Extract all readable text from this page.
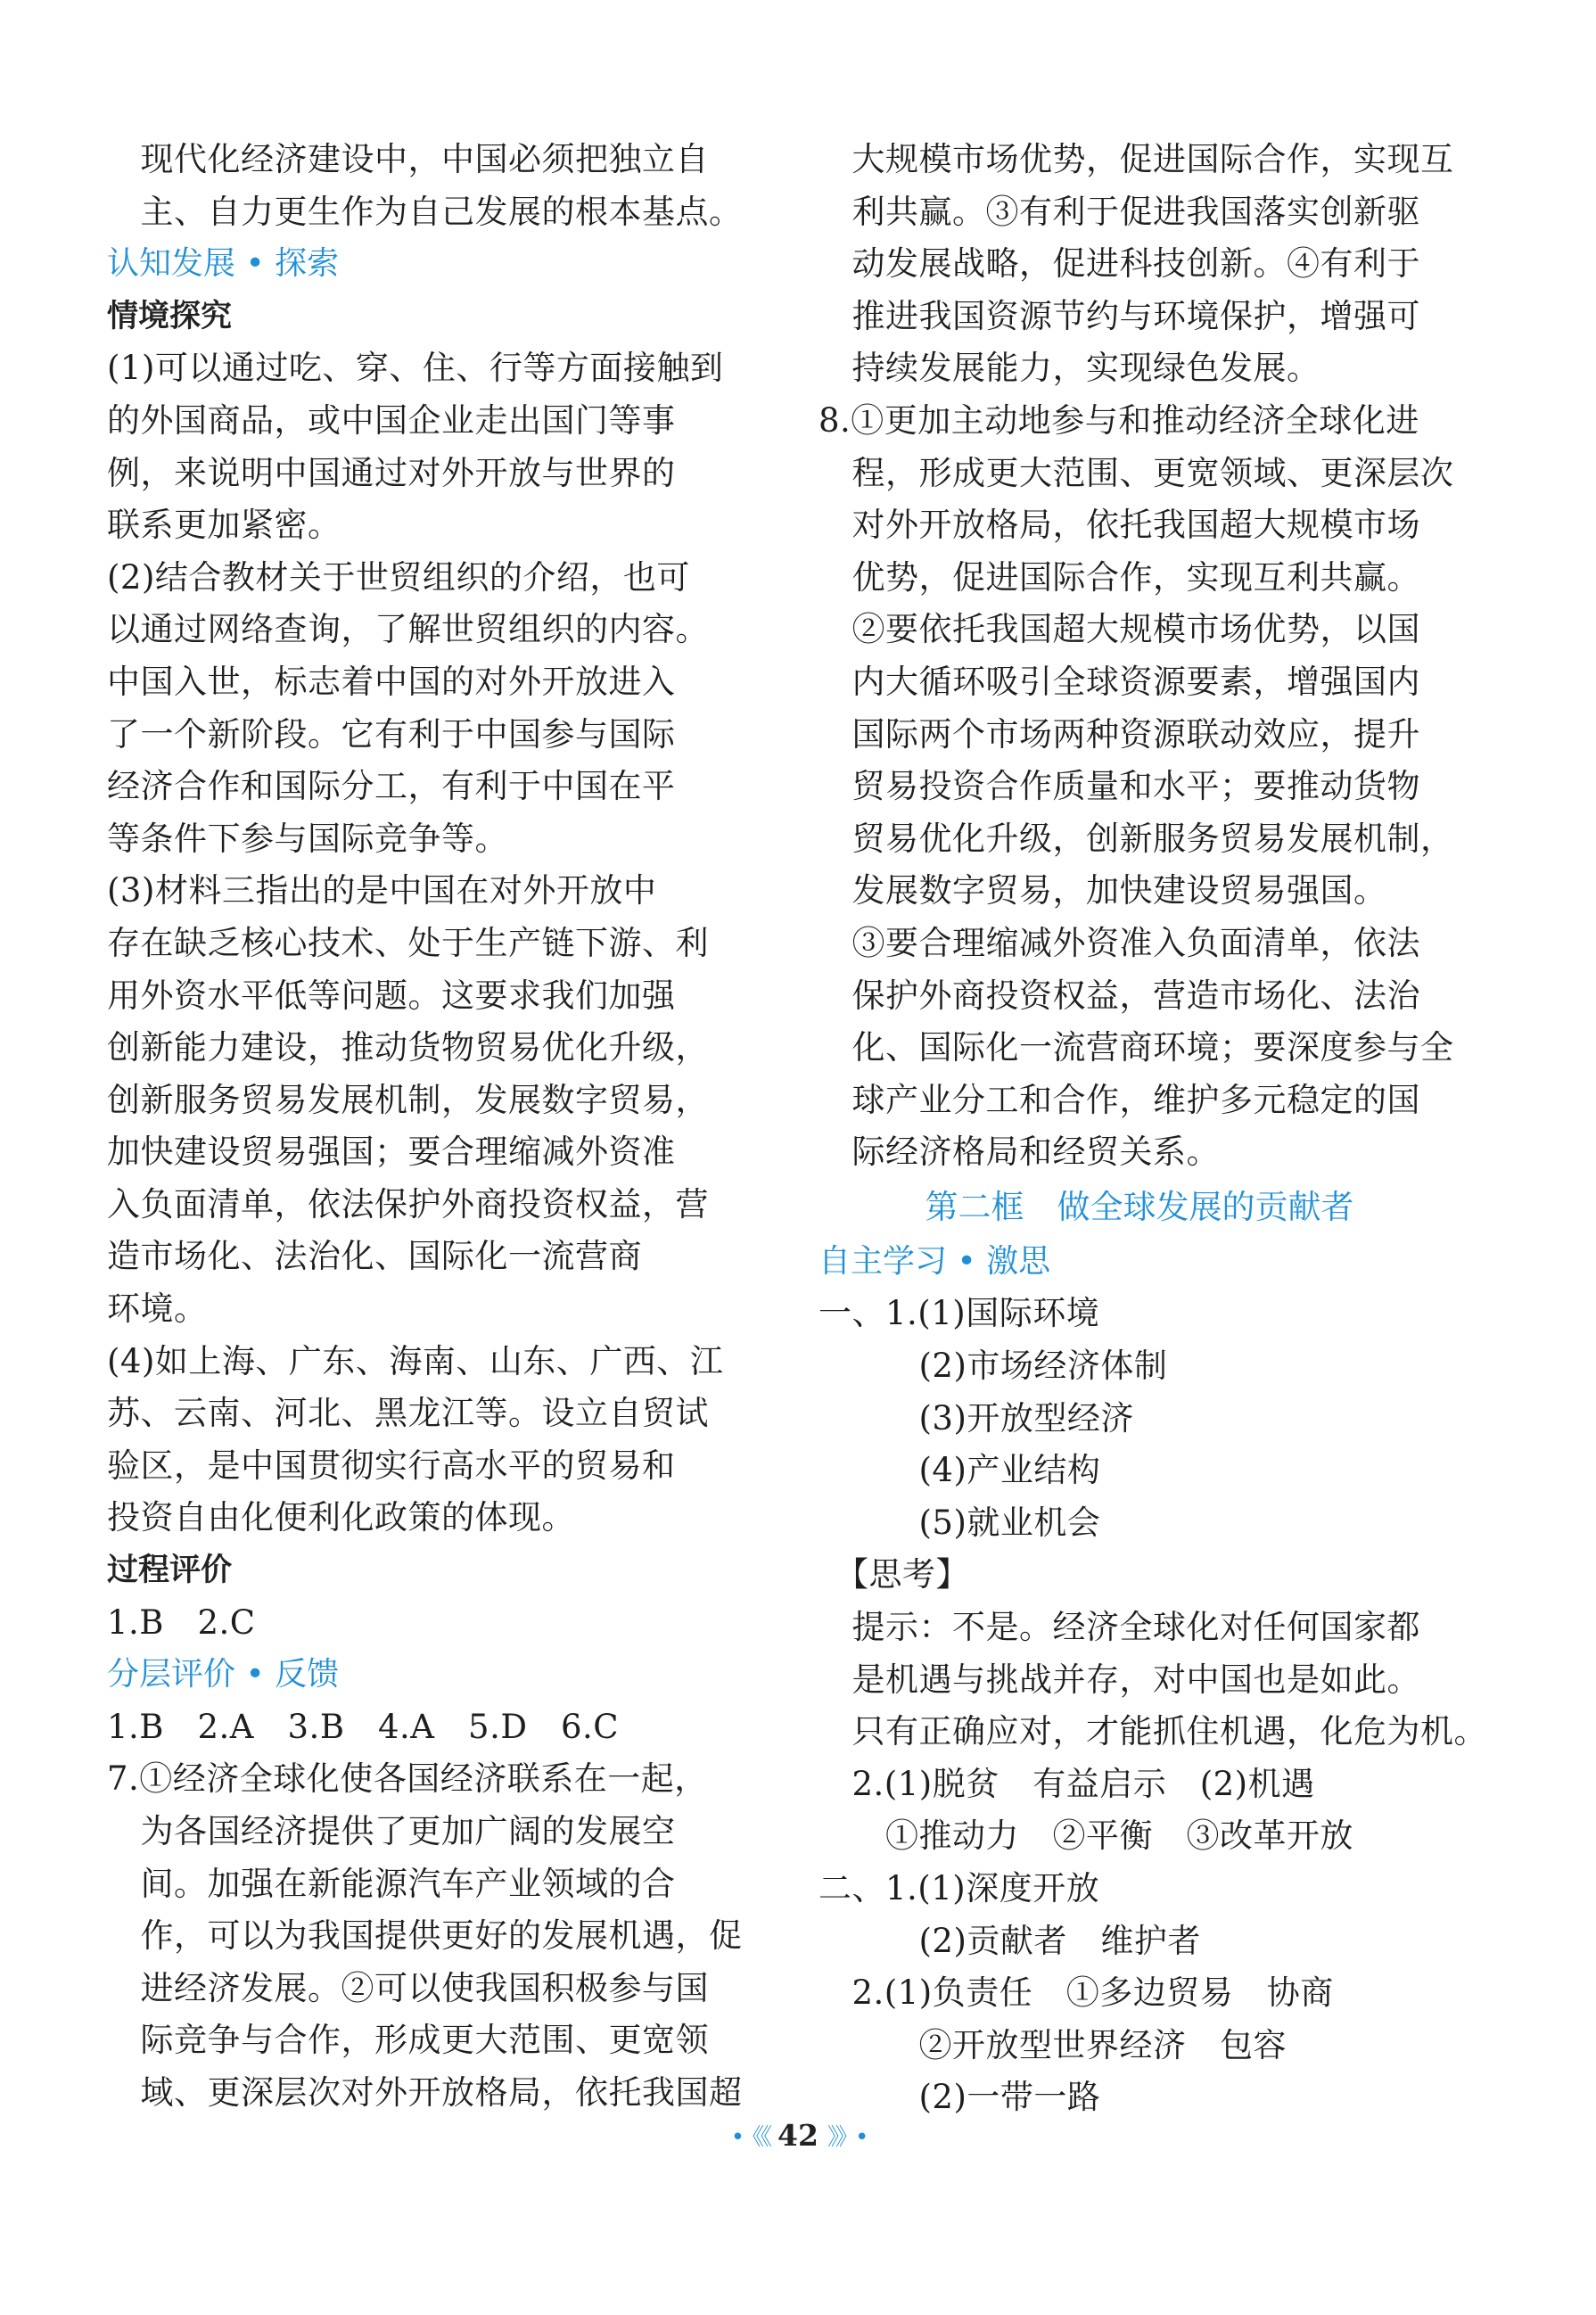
　现代化经济建设中，中国必须把独立自
　主、自力更生作为自己发展的根本基点。
认知发展 • 探索
情境探究
(1)可以通过吃、穿、住、行等方面接触到
的外国商品，或中国企业走出国门等事
例，来说明中国通过对外开放与世界的
联系更加紧密。
(2)结合教材关于世贸组织的介绍，也可
以通过网络查询，了解世贸组织的内容。
中国入世，标志着中国的对外开放进入
了一个新阶段。它有利于中国参与国际
经济合作和国际分工，有利于中国在平
等条件下参与国际竞争等。
(3)材料三指出的是中国在对外开放中
存在缺乏核心技术、处于生产链下游、利
用外资水平低等问题。这要求我们加强
创新能力建设，推动货物贸易优化升级，
创新服务贸易发展机制，发展数字贸易，
加快建设贸易强国；要合理缩减外资准
入负面清单，依法保护外商投资权益，营
造市场化、法治化、国际化一流营商
环境。
(4)如上海、广东、海南、山东、广西、江
苏、云南、河北、黑龙江等。设立自贸试
验区，是中国贯彻实行高水平的贸易和
投资自由化便利化政策的体现。
过程评价
1.B　2.C
分层评价 • 反馈
1.B　2.A　3.B　4.A　5.D　6.C
7.①经济全球化使各国经济联系在一起，
　为各国经济提供了更加广阔的发展空
　间。加强在新能源汽车产业领域的合
　作，可以为我国提供更好的发展机遇，促
　进经济发展。②可以使我国积极参与国
　际竞争与合作，形成更大范围、更宽领
　域、更深层次对外开放格局，依托我国超
　大规模市场优势，促进国际合作，实现互
　利共赢。③有利于促进我国落实创新驱
　动发展战略，促进科技创新。④有利于
　推进我国资源节约与环境保护，增强可
　持续发展能力，实现绿色发展。
8.①更加主动地参与和推动经济全球化进
　程，形成更大范围、更宽领域、更深层次
　对外开放格局，依托我国超大规模市场
　优势，促进国际合作，实现互利共赢。
　②要依托我国超大规模市场优势，以国
　内大循环吸引全球资源要素，增强国内
　国际两个市场两种资源联动效应，提升
　贸易投资合作质量和水平；要推动货物
　贸易优化升级，创新服务贸易发展机制，
　发展数字贸易，加快建设贸易强国。
　③要合理缩减外资准入负面清单，依法
　保护外商投资权益，营造市场化、法治
　化、国际化一流营商环境；要深度参与全
　球产业分工和合作，维护多元稳定的国
　际经济格局和经贸关系。
第二框　做全球发展的贡献者
自主学习 • 激思
一、1.(1)国际环境
　　　(2)市场经济体制
　　　(3)开放型经济
　　　(4)产业结构
　　　(5)就业机会
　【思考】
　提示：不是。经济全球化对任何国家都
　是机遇与挑战并存，对中国也是如此。
　只有正确应对，才能抓住机遇，化危为机。
　2.(1)脱贫　有益启示　(2)机遇
　　①推动力　②平衡　③改革开放
二、1.(1)深度开放
　　　(2)贡献者　维护者
　2.(1)负责任　①多边贸易　协商
　　　②开放型世界经济　包容
　　　(2)一带一路
•《《 42 》》•
